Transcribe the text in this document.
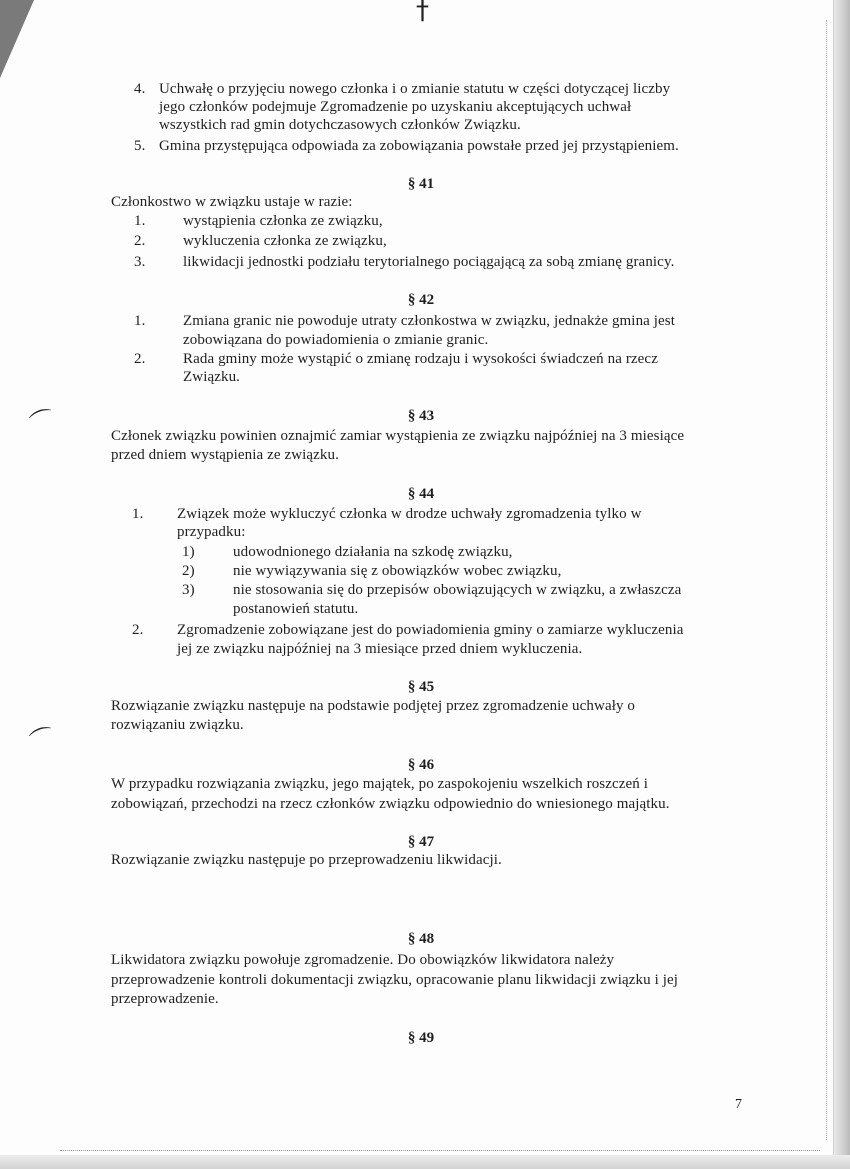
†
⌒
⌒
4. Uchwałę o przyjęciu nowego członka i o zmianie statutu w części dotyczącej liczby
jego członków podejmuje Zgromadzenie po uzyskaniu akceptujących uchwał
wszystkich rad gmin dotychczasowych członków Związku.
5. Gmina przystępująca odpowiada za zobowiązania powstałe przed jej przystąpieniem.
§ 41
Członkostwo w związku ustaje w razie:
1.	wystąpienia członka ze związku,
2.	wykluczenia członka ze związku,
3.	likwidacji jednostki podziału terytorialnego pociągającą za sobą zmianę granicy.
§ 42
1.	Zmiana granic nie powoduje utraty członkostwa w związku, jednakże gmina jest
zobowiązana do powiadomienia o zmianie granic.
2.	Rada gminy może wystąpić o zmianę rodzaju i wysokości świadczeń na rzecz
Związku.
§ 43
Członek związku powinien oznajmić zamiar wystąpienia ze związku najpóźniej na 3 miesiące
przed dniem wystąpienia ze związku.
§ 44
1. Związek może wykluczyć członka w drodze uchwały zgromadzenia tylko w
przypadku:
1)	udowodnionego działania na szkodę związku,
2)	nie wywiązywania się z obowiązków wobec związku,
3)	nie stosowania się do przepisów obowiązujących w związku, a zwłaszcza
postanowień statutu.
2. Zgromadzenie zobowiązane jest do powiadomienia gminy o zamiarze wykluczenia
jej ze związku najpóźniej na 3 miesiące przed dniem wykluczenia.
§ 45
Rozwiązanie związku następuje na podstawie podjętej przez zgromadzenie uchwały o
rozwiązaniu związku.
§ 46
W przypadku rozwiązania związku, jego majątek, po zaspokojeniu wszelkich roszczeń i
zobowiązań, przechodzi na rzecz członków związku odpowiednio do wniesionego majątku.
§ 47
Rozwiązanie związku następuje po przeprowadzeniu likwidacji.
§ 48
Likwidatora związku powołuje zgromadzenie. Do obowiązków likwidatora należy
przeprowadzenie kontroli dokumentacji związku, opracowanie planu likwidacji związku i jej
przeprowadzenie.
§ 49
7
